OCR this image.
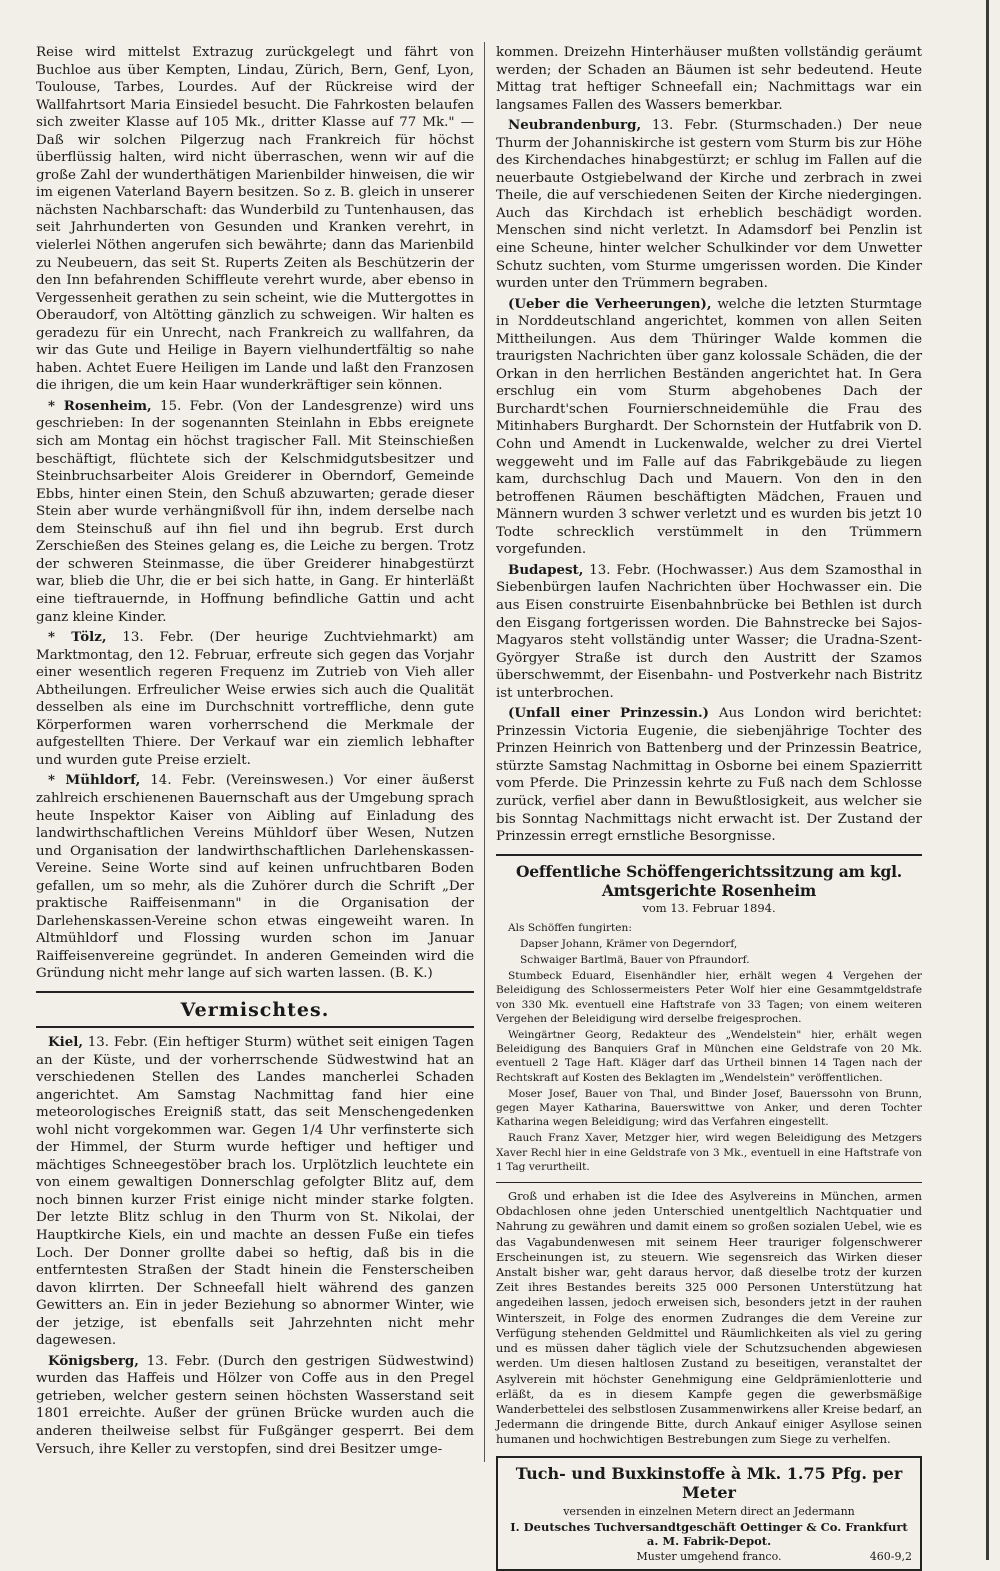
Reise wird mittelst Extrazug zurückgelegt und fährt von Buchloe aus über Kempten, Lindau, Zürich, Bern, Genf, Lyon, Toulouse, Tarbes, Lourdes. Auf der Rückreise wird der Wallfahrtsort Maria Einsiedel besucht. Die Fahrkosten belaufen sich zweiter Klasse auf 105 Mk., dritter Klasse auf 77 Mk." — Daß wir solchen Pilgerzug nach Frankreich für höchst überflüssig halten, wird nicht überraschen, wenn wir auf die große Zahl der wunderthätigen Marienbilder hinweisen, die wir im eigenen Vaterland Bayern besitzen. So z. B. gleich in unserer nächsten Nachbarschaft: das Wunderbild zu Tuntenhausen, das seit Jahrhunderten von Gesunden und Kranken verehrt, in vielerlei Nöthen angerufen sich bewährte; dann das Marienbild zu Neubeuern, das seit St. Ruperts Zeiten als Beschützerin der den Inn befahrenden Schiffleute verehrt wurde, aber ebenso in Vergessenheit gerathen zu sein scheint, wie die Muttergottes in Oberaudorf, von Altötting gänzlich zu schweigen. Wir halten es geradezu für ein Unrecht, nach Frankreich zu wallfahren, da wir das Gute und Heilige in Bayern vielhundertfältig so nahe haben. Achtet Euere Heiligen im Lande und laßt den Franzosen die ihrigen, die um kein Haar wunderkräftiger sein können.

* Rosenheim, 15. Febr. (Von der Landesgrenze) wird uns geschrieben: In der sogenannten Steinlahn in Ebbs ereignete sich am Montag ein höchst tragischer Fall. Mit Steinschießen beschäftigt, flüchtete sich der Kelschmidgutsbesitzer und Steinbruchsarbeiter Alois Greiderer in Oberndorf, Gemeinde Ebbs, hinter einen Stein, den Schuß abzuwarten; gerade dieser Stein aber wurde verhängnißvoll für ihn, indem derselbe nach dem Steinschuß auf ihn fiel und ihn begrub. Erst durch Zerschießen des Steines gelang es, die Leiche zu bergen. Trotz der schweren Steinmasse, die über Greiderer hinabgestürzt war, blieb die Uhr, die er bei sich hatte, in Gang. Er hinterläßt eine tieftrauernde, in Hoffnung befindliche Gattin und acht ganz kleine Kinder.

* Tölz, 13. Febr. (Der heurige Zuchtviehmarkt) am Marktmontag, den 12. Februar, erfreute sich gegen das Vorjahr einer wesentlich regeren Frequenz im Zutrieb von Vieh aller Abtheilungen. Erfreulicher Weise erwies sich auch die Qualität desselben als eine im Durchschnitt vortreffliche, denn gute Körperformen waren vorherrschend die Merkmale der aufgestellten Thiere. Der Verkauf war ein ziemlich lebhafter und wurden gute Preise erzielt.

* Mühldorf, 14. Febr. (Vereinswesen.) Vor einer äußerst zahlreich erschienenen Bauernschaft aus der Umgebung sprach heute Inspektor Kaiser von Aibling auf Einladung des landwirthschaftlichen Vereins Mühldorf über Wesen, Nutzen und Organisation der landwirthschaftlichen Darlehenskassen-Vereine. Seine Worte sind auf keinen unfruchtbaren Boden gefallen, um so mehr, als die Zuhörer durch die Schrift „Der praktische Raiffeisenmann" in die Organisation der Darlehenskassen-Vereine schon etwas eingeweiht waren. In Altmühldorf und Flossing wurden schon im Januar Raiffeisenvereine gegründet. In anderen Gemeinden wird die Gründung nicht mehr lange auf sich warten lassen. (B. K.)

Vermischtes.

Kiel, 13. Febr. (Ein heftiger Sturm) wüthet seit einigen Tagen an der Küste, und der vorherrschende Südwestwind hat an verschiedenen Stellen des Landes mancherlei Schaden angerichtet. Am Samstag Nachmittag fand hier eine meteorologisches Ereigniß statt, das seit Menschengedenken wohl nicht vorgekommen war. Gegen 1/4 Uhr verfinsterte sich der Himmel, der Sturm wurde heftiger und heftiger und mächtiges Schneegestöber brach los. Urplötzlich leuchtete ein von einem gewaltigen Donnerschlag gefolgter Blitz auf, dem noch binnen kurzer Frist einige nicht minder starke folgten. Der letzte Blitz schlug in den Thurm von St. Nikolai, der Hauptkirche Kiels, ein und machte an dessen Fuße ein tiefes Loch. Der Donner grollte dabei so heftig, daß bis in die entferntesten Straßen der Stadt hinein die Fensterscheiben davon klirrten. Der Schneefall hielt während des ganzen Gewitters an. Ein in jeder Beziehung so abnormer Winter, wie der jetzige, ist ebenfalls seit Jahrzehnten nicht mehr dagewesen.

Königsberg, 13. Febr. (Durch den gestrigen Südwestwind) wurden das Haffeis und Hölzer von Coffe aus in den Pregel getrieben, welcher gestern seinen höchsten Wasserstand seit 1801 erreichte. Außer der grünen Brücke wurden auch die anderen theilweise selbst für Fußgänger gesperrt. Bei dem Versuch, ihre Keller zu verstopfen, sind drei Besitzer umge-

kommen. Dreizehn Hinterhäuser mußten vollständig geräumt werden; der Schaden an Bäumen ist sehr bedeutend. Heute Mittag trat heftiger Schneefall ein; Nachmittags war ein langsames Fallen des Wassers bemerkbar.

Neubrandenburg, 13. Febr. (Sturmschaden.) Der neue Thurm der Johanniskirche ist gestern vom Sturm bis zur Höhe des Kirchendaches hinabgestürzt; er schlug im Fallen auf die neuerbaute Ostgiebelwand der Kirche und zerbrach in zwei Theile, die auf verschiedenen Seiten der Kirche niedergingen. Auch das Kirchdach ist erheblich beschädigt worden. Menschen sind nicht verletzt. In Adamsdorf bei Penzlin ist eine Scheune, hinter welcher Schulkinder vor dem Unwetter Schutz suchten, vom Sturme umgerissen worden. Die Kinder wurden unter den Trümmern begraben.

(Ueber die Verheerungen), welche die letzten Sturmtage in Norddeutschland angerichtet, kommen von allen Seiten Mittheilungen. Aus dem Thüringer Walde kommen die traurigsten Nachrichten über ganz kolossale Schäden, die der Orkan in den herrlichen Beständen angerichtet hat. In Gera erschlug ein vom Sturm abgehobenes Dach der Burchardt'schen Fournierschneidemühle die Frau des Mitinhabers Burghardt. Der Schornstein der Hutfabrik von D. Cohn und Amendt in Luckenwalde, welcher zu drei Viertel weggeweht und im Falle auf das Fabrikgebäude zu liegen kam, durchschlug Dach und Mauern. Von den in den betroffenen Räumen beschäftigten Mädchen, Frauen und Männern wurden 3 schwer verletzt und es wurden bis jetzt 10 Todte schrecklich verstümmelt in den Trümmern vorgefunden.

Budapest, 13. Febr. (Hochwasser.) Aus dem Szamosthal in Siebenbürgen laufen Nachrichten über Hochwasser ein. Die aus Eisen construirte Eisenbahnbrücke bei Bethlen ist durch den Eisgang fortgerissen worden. Die Bahnstrecke bei Sajos-Magyaros steht vollständig unter Wasser; die Uradna-Szent-Györgyer Straße ist durch den Austritt der Szamos überschwemmt, der Eisenbahn- und Postverkehr nach Bistritz ist unterbrochen.

(Unfall einer Prinzessin.) Aus London wird berichtet: Prinzessin Victoria Eugenie, die siebenjährige Tochter des Prinzen Heinrich von Battenberg und der Prinzessin Beatrice, stürzte Samstag Nachmittag in Osborne bei einem Spazierritt vom Pferde. Die Prinzessin kehrte zu Fuß nach dem Schlosse zurück, verfiel aber dann in Bewußtlosigkeit, aus welcher sie bis Sonntag Nachmittags nicht erwacht ist. Der Zustand der Prinzessin erregt ernstliche Besorgnisse.

Oeffentliche Schöffengerichtssitzung am kgl. Amtsgerichte Rosenheim
vom 13. Februar 1894.

Als Schöffen fungirten:

Dapser Johann, Krämer von Degerndorf,

Schwaiger Bartlmä, Bauer von Pfraundorf.

Stumbeck Eduard, Eisenhändler hier, erhält wegen 4 Vergehen der Beleidigung des Schlossermeisters Peter Wolf hier eine Gesammtgeldstrafe von 330 Mk. eventuell eine Haftstrafe von 33 Tagen; von einem weiteren Vergehen der Beleidigung wird derselbe freigesprochen.

Weingärtner Georg, Redakteur des „Wendelstein" hier, erhält wegen Beleidigung des Banquiers Graf in München eine Geldstrafe von 20 Mk. eventuell 2 Tage Haft. Kläger darf das Urtheil binnen 14 Tagen nach der Rechtskraft auf Kosten des Beklagten im „Wendelstein" veröffentlichen.

Moser Josef, Bauer von Thal, und Binder Josef, Bauerssohn von Brunn, gegen Mayer Katharina, Bauerswittwe von Anker, und deren Tochter Katharina wegen Beleidigung; wird das Verfahren eingestellt.

Rauch Franz Xaver, Metzger hier, wird wegen Beleidigung des Metzgers Xaver Rechl hier in eine Geldstrafe von 3 Mk., eventuell in eine Haftstrafe von 1 Tag verurtheilt.

Groß und erhaben ist die Idee des Asylvereins in München, armen Obdachlosen ohne jeden Unterschied unentgeltlich Nachtquatier und Nahrung zu gewähren und damit einem so großen sozialen Uebel, wie es das Vagabundenwesen mit seinem Heer trauriger folgenschwerer Erscheinungen ist, zu steuern. Wie segensreich das Wirken dieser Anstalt bisher war, geht daraus hervor, daß dieselbe trotz der kurzen Zeit ihres Bestandes bereits 325 000 Personen Unterstützung hat angedeihen lassen, jedoch erweisen sich, besonders jetzt in der rauhen Winterszeit, in Folge des enormen Zudranges die dem Vereine zur Verfügung stehenden Geldmittel und Räumlichkeiten als viel zu gering und es müssen daher täglich viele der Schutzsuchenden abgewiesen werden. Um diesen haltlosen Zustand zu beseitigen, veranstaltet der Asylverein mit höchster Genehmigung eine Geldprämienlotterie und erläßt, da es in diesem Kampfe gegen die gewerbsmäßige Wanderbettelei des selbstlosen Zusammenwirkens aller Kreise bedarf, an Jedermann die dringende Bitte, durch Ankauf einiger Asyllose seinen humanen und hochwichtigen Bestrebungen zum Siege zu verhelfen.

Tuch- und Buxkinstoffe à Mk. 1.75 Pfg. per Meter
versenden in einzelnen Metern direct an Jedermann
I. Deutsches Tuchversandtgeschäft Oettinger & Co. Frankfurt a. M. Fabrik-Depot.
Muster umgehend franco.	460-9,2
